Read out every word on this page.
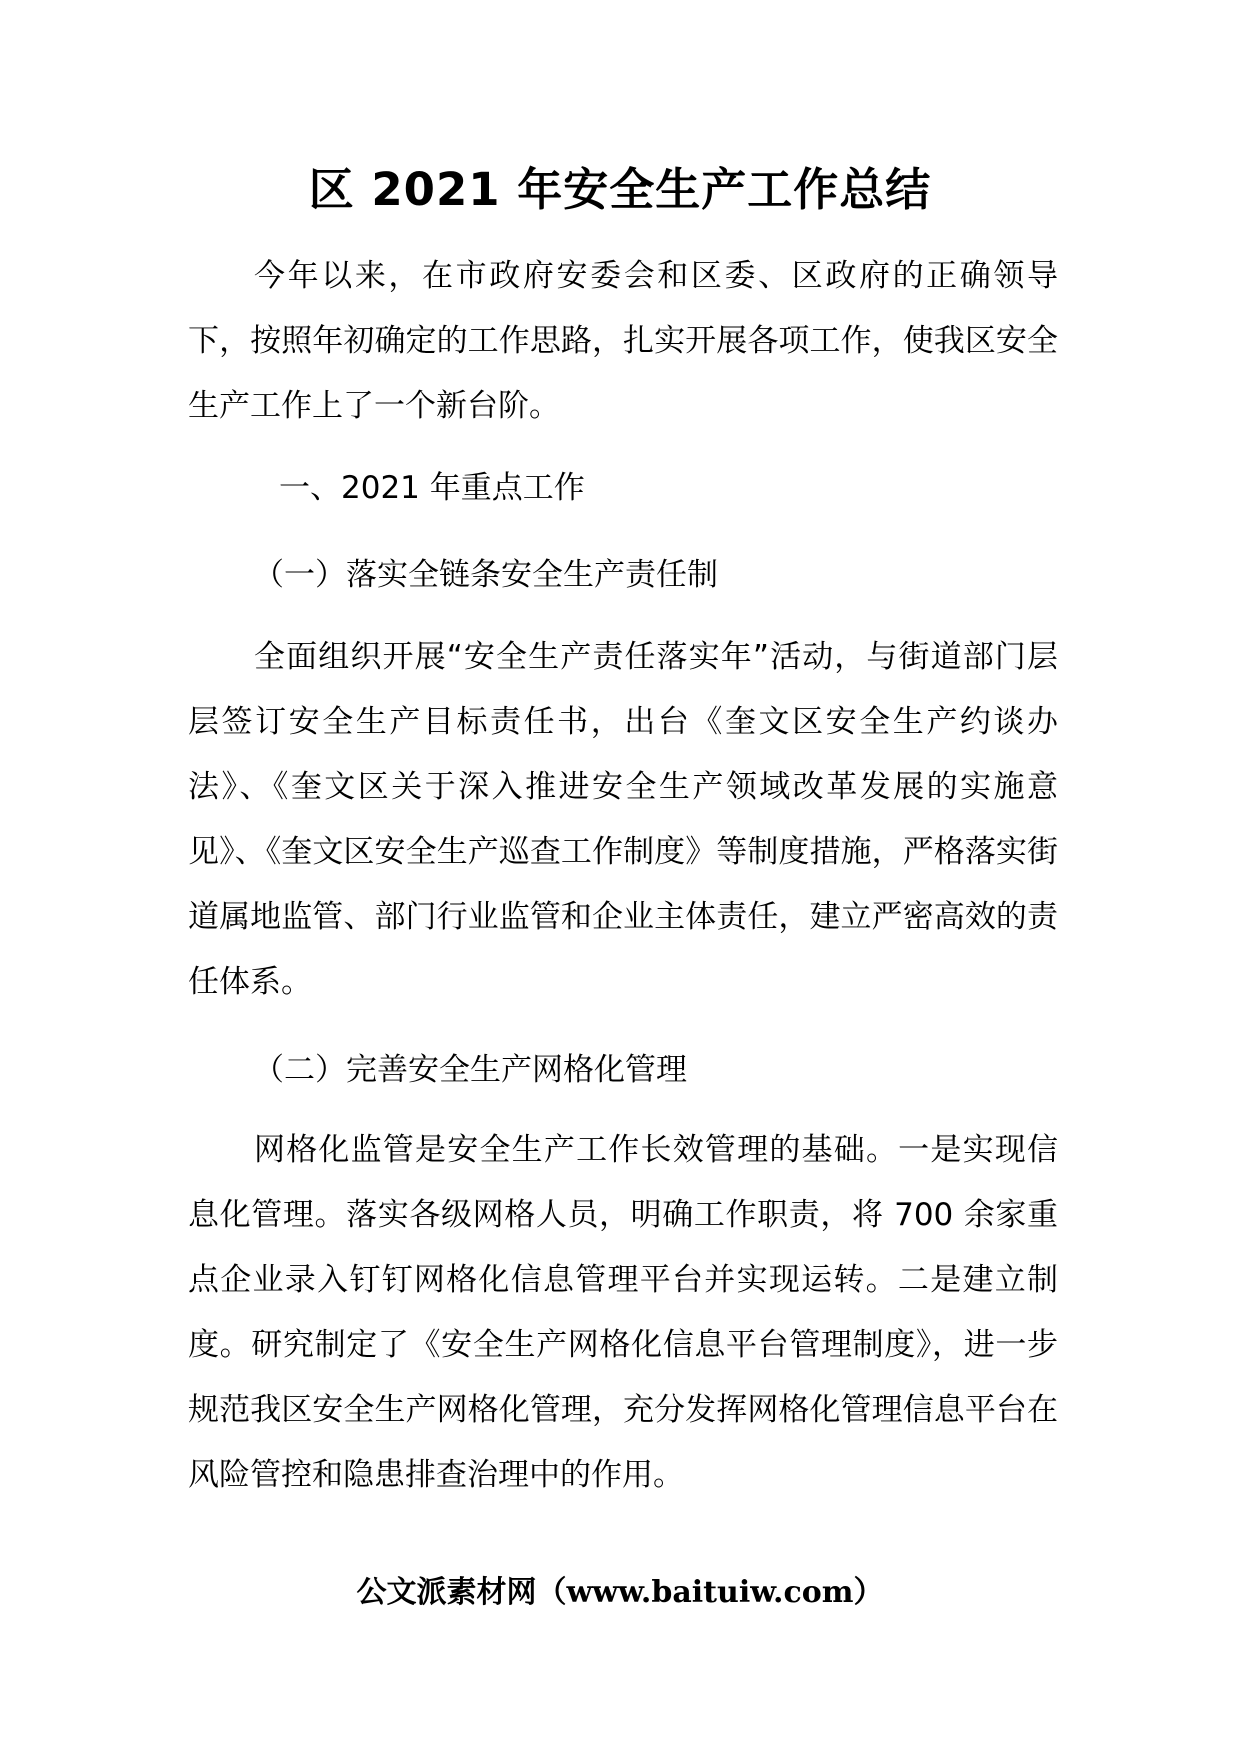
区 2021 年安全生产工作总结

今年以来，在市政府安委会和区委、区政府的正确领导下，按照年初确定的工作思路，扎实开展各项工作，使我区安全生产工作上了一个新台阶。

一、2021 年重点工作

（一）落实全链条安全生产责任制

全面组织开展“安全生产责任落实年”活动，与街道部门层层签订安全生产目标责任书，出台《奎文区安全生产约谈办法》、《奎文区关于深入推进安全生产领域改革发展的实施意见》、《奎文区安全生产巡查工作制度》等制度措施，严格落实街道属地监管、部门行业监管和企业主体责任，建立严密高效的责任体系。

（二）完善安全生产网格化管理

网格化监管是安全生产工作长效管理的基础。一是实现信息化管理。落实各级网格人员，明确工作职责，将 700 余家重点企业录入钉钉网格化信息管理平台并实现运转。二是建立制度。研究制定了《安全生产网格化信息平台管理制度》，进一步规范我区安全生产网格化管理，充分发挥网格化管理信息平台在风险管控和隐患排查治理中的作用。

公文派素材网（www.baituiw.com）
